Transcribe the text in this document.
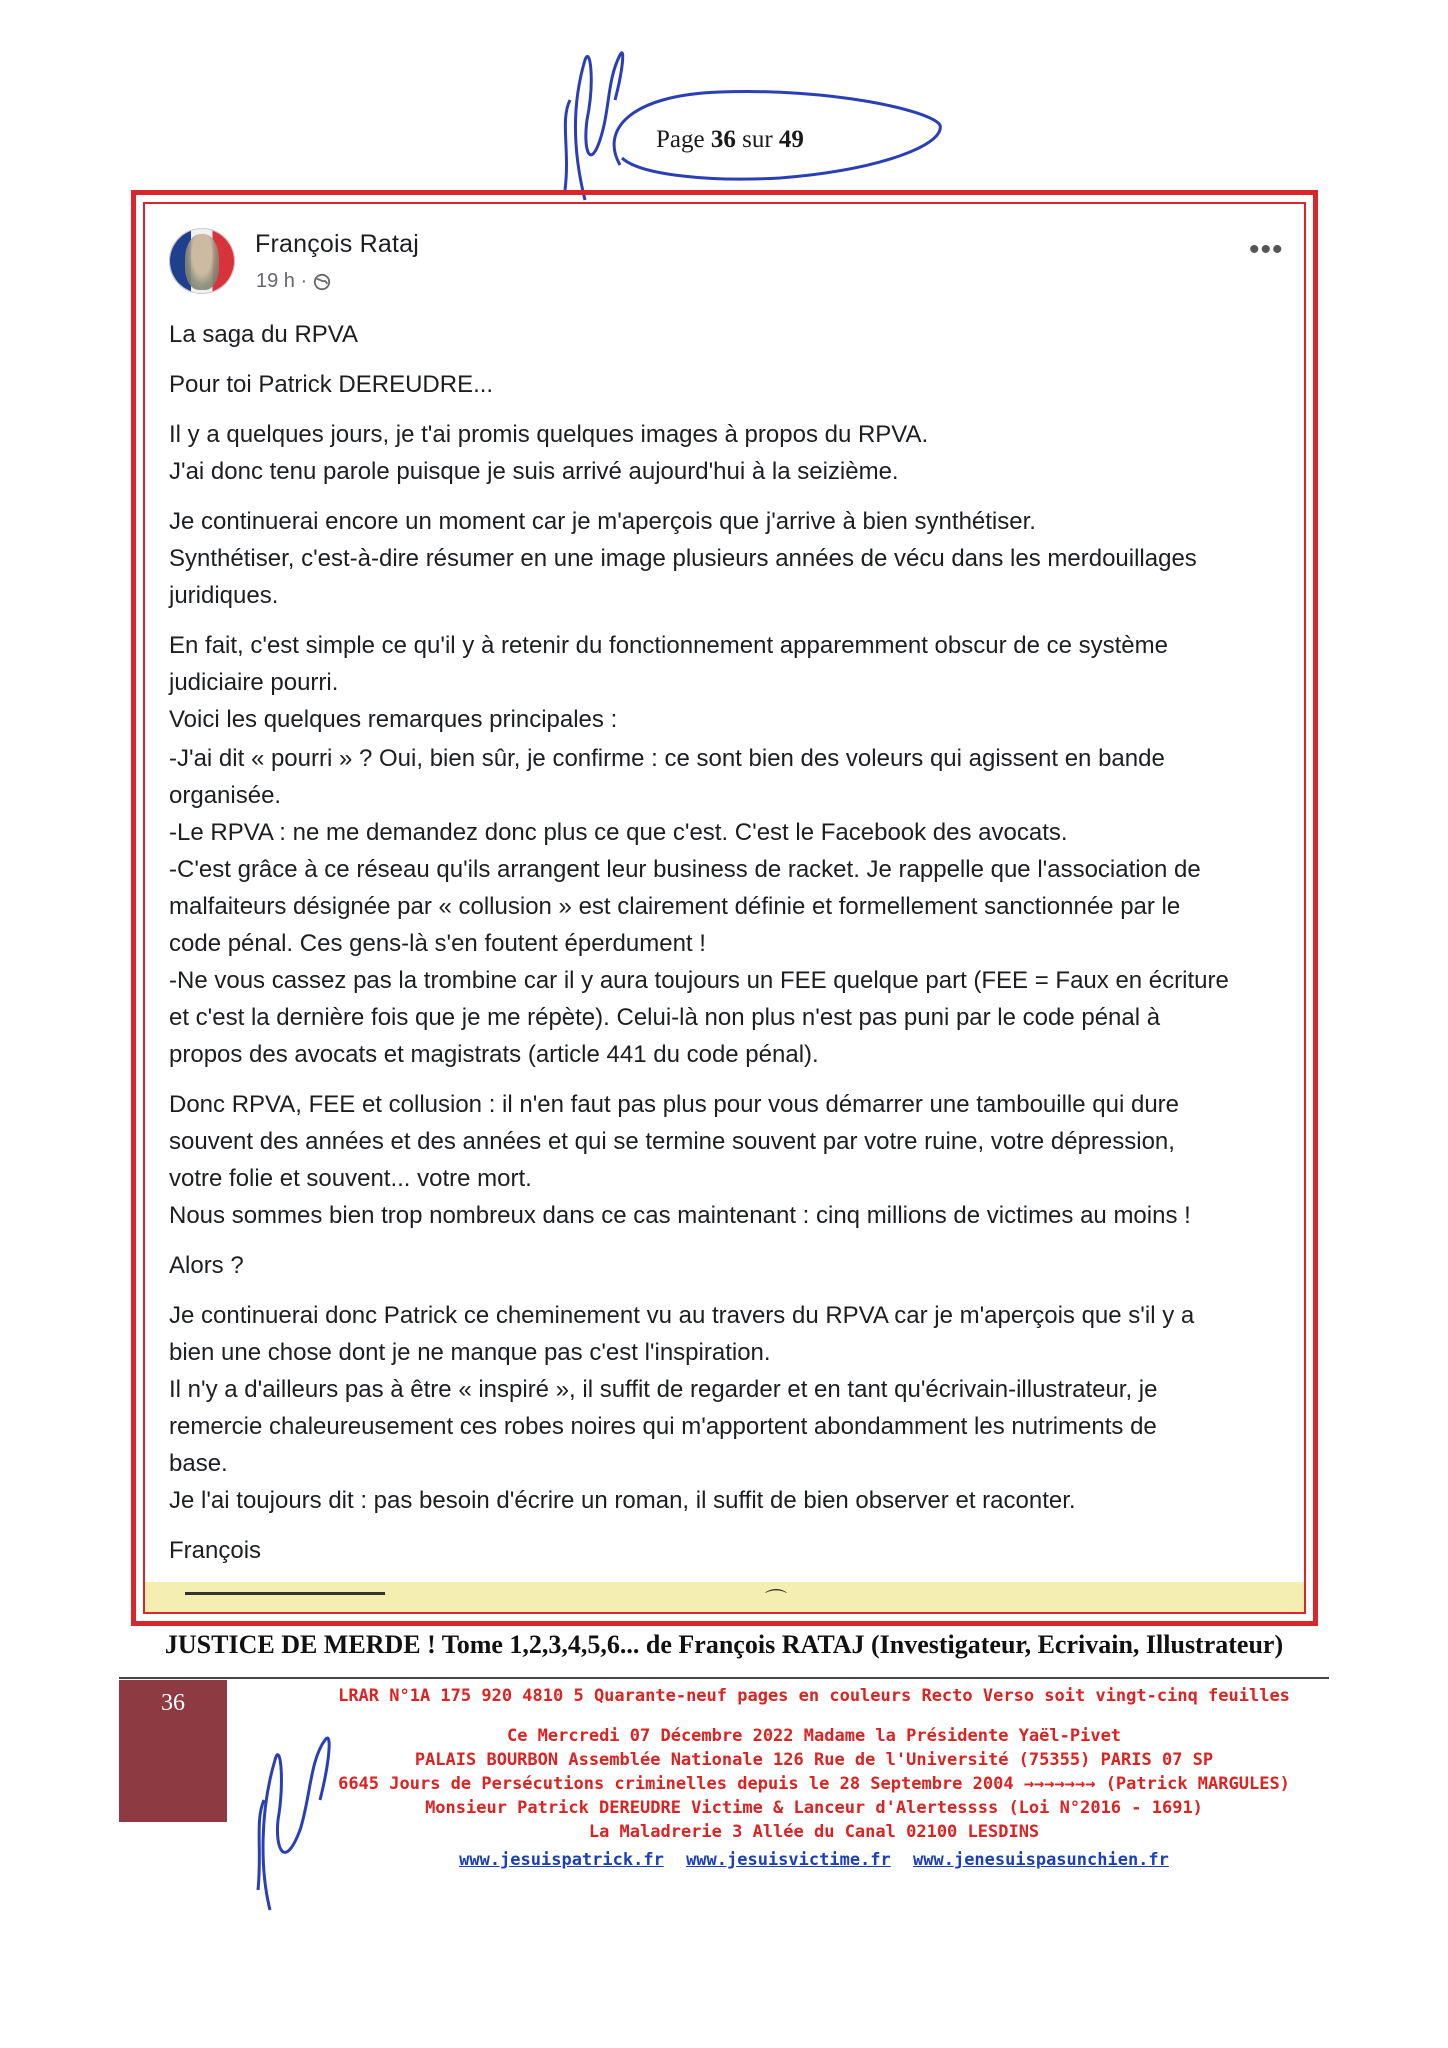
Page 36 sur 49
François Rataj
19 h ·
•••

La saga du RPVA

Pour toi Patrick DEREUDRE...

Il y a quelques jours, je t'ai promis quelques images à propos du RPVA.
J'ai donc tenu parole puisque je suis arrivé aujourd'hui à la seizième.

Je continuerai encore un moment car je m'aperçois que j'arrive à bien synthétiser.
Synthétiser, c'est-à-dire résumer en une image plusieurs années de vécu dans les merdouillages
juridiques.

En fait, c'est simple ce qu'il y à retenir du fonctionnement apparemment obscur de ce système
judiciaire pourri.
Voici les quelques remarques principales :

-J'ai dit « pourri » ? Oui, bien sûr, je confirme : ce sont bien des voleurs qui agissent en bande
organisée.
-Le RPVA : ne me demandez donc plus ce que c'est. C'est le Facebook des avocats.
-C'est grâce à ce réseau qu'ils arrangent leur business de racket. Je rappelle que l'association de
malfaiteurs désignée par « collusion » est clairement définie et formellement sanctionnée par le
code pénal. Ces gens-là s'en foutent éperdument !
-Ne vous cassez pas la trombine car il y aura toujours un FEE quelque part (FEE = Faux en écriture
et c'est la dernière fois que je me répète). Celui-là non plus n'est pas puni par le code pénal à
propos des avocats et magistrats (article 441 du code pénal).

Donc RPVA, FEE et collusion : il n'en faut pas plus pour vous démarrer une tambouille qui dure
souvent des années et des années et qui se termine souvent par votre ruine, votre dépression,
votre folie et souvent... votre mort.
Nous sommes bien trop nombreux dans ce cas maintenant : cinq millions de victimes au moins !

Alors ?

Je continuerai donc Patrick ce cheminement vu au travers du RPVA car je m'aperçois que s'il y a
bien une chose dont je ne manque pas c'est l'inspiration.
Il n'y a d'ailleurs pas à être « inspiré », il suffit de regarder et en tant qu'écrivain-illustrateur, je
remercie chaleureusement ces robes noires qui m'apportent abondamment les nutriments de
base.
Je l'ai toujours dit : pas besoin d'écrire un roman, il suffit de bien observer et raconter.

François

⌒
JUSTICE DE MERDE ! Tome 1,2,3,4,5,6... de François RATAJ (Investigateur, Ecrivain, Illustrateur)
36	LRAR N°1A 175 920 4810 5 Quarante-neuf pages en couleurs Recto Verso soit vingt-cinq feuilles
Ce Mercredi 07 Décembre 2022 Madame la Présidente Yaël-Pivet
PALAIS BOURBON Assemblée Nationale 126 Rue de l'Université (75355) PARIS 07 SP
6645 Jours de Persécutions criminelles depuis le 28 Septembre 2004 →→→→→→→ (Patrick MARGULES)
Monsieur Patrick DEREUDRE Victime & Lanceur d'Alertessss (Loi N°2016 - 1691)
La Maladrerie 3 Allée du Canal 02100 LESDINS
www.jesuispatrick.fr www.jesuisvictime.fr www.jenesuispasunchien.fr
